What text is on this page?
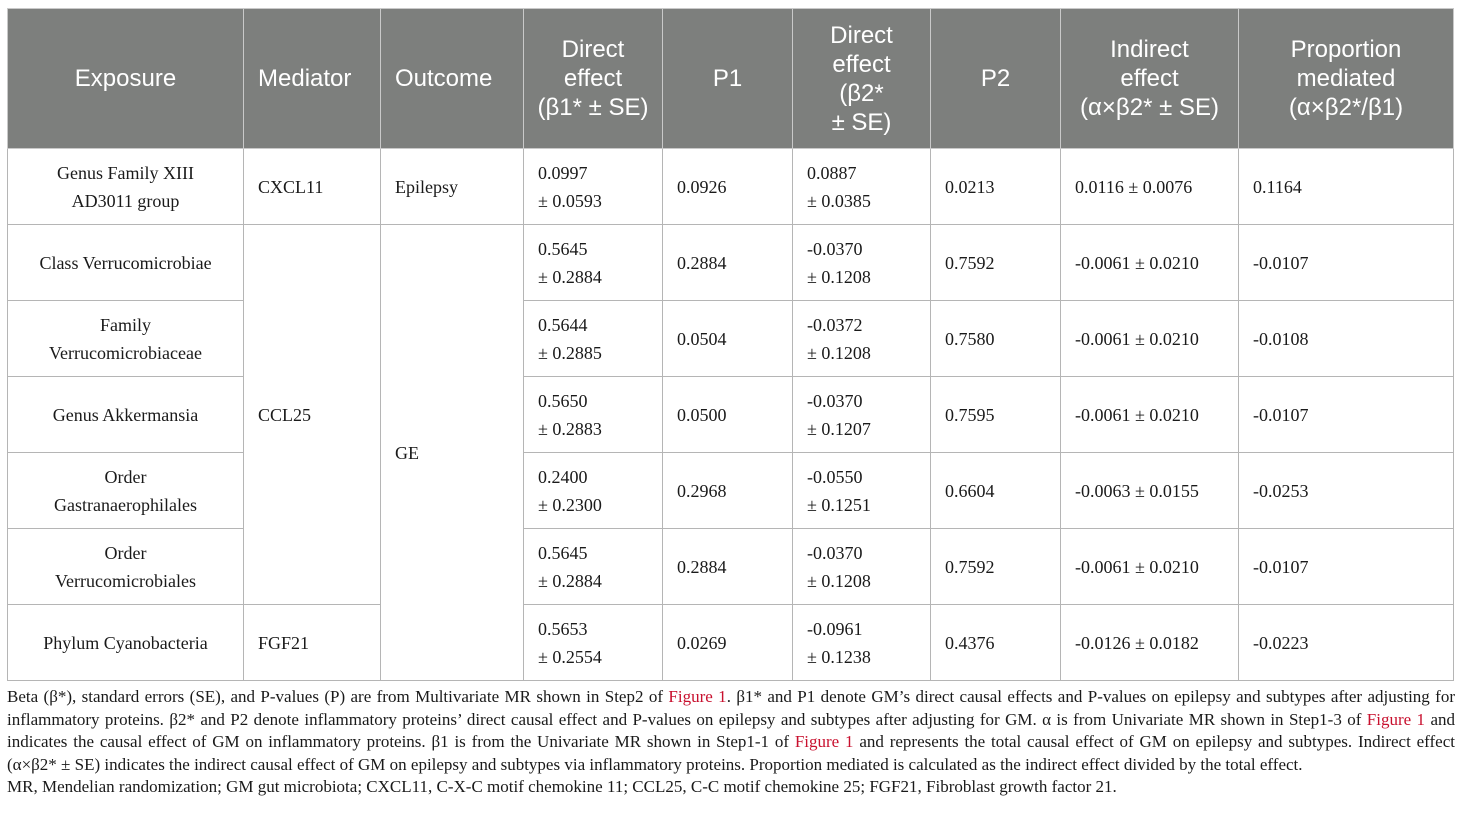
Exposure	Mediator	Outcome	Direct
effect
(β1* ± SE)	P1	Direct
effect
(β2*
± SE)	P2	Indirect
effect
(α×β2* ± SE)	Proportion
mediated
(α×β2*/β1)

Genus Family XIII
AD3011 group	CXCL11	Epilepsy	0.0997
± 0.0593	0.0926	0.0887
± 0.0385	0.0213	0.0116 ± 0.0076	0.1164

Class Verrucomicrobiae	CCL25	GE	0.5645
± 0.2884	0.2884	-0.0370
± 0.1208	0.7592	-0.0061 ± 0.0210	-0.0107

Family
Verrucomicrobiaceae			0.5644
± 0.2885	0.0504	-0.0372
± 0.1208	0.7580	-0.0061 ± 0.0210	-0.0108

Genus Akkermansia			0.5650
± 0.2883	0.0500	-0.0370
± 0.1207	0.7595	-0.0061 ± 0.0210	-0.0107

Order
Gastranaerophilales			0.2400
± 0.2300	0.2968	-0.0550
± 0.1251	0.6604	-0.0063 ± 0.0155	-0.0253

Order
Verrucomicrobiales			0.5645
± 0.2884	0.2884	-0.0370
± 0.1208	0.7592	-0.0061 ± 0.0210	-0.0107

Phylum Cyanobacteria	FGF21		0.5653
± 0.2554	0.0269	-0.0961
± 0.1238	0.4376	-0.0126 ± 0.0182	-0.0223

Beta (β*), standard errors (SE), and P-values (P) are from Multivariate MR shown in Step2 of Figure 1. β1* and P1 denote GM’s direct causal effects and P-values on epilepsy and subtypes after adjusting for inflammatory proteins. β2* and P2 denote inflammatory proteins’ direct causal effect and P-values on epilepsy and subtypes after adjusting for GM. α is from Univariate MR shown in Step1-3 of Figure 1 and indicates the causal effect of GM on inflammatory proteins. β1 is from the Univariate MR shown in Step1-1 of Figure 1 and represents the total causal effect of GM on epilepsy and subtypes. Indirect effect (α×β2* ± SE) indicates the indirect causal effect of GM on epilepsy and subtypes via inflammatory proteins. Proportion mediated is calculated as the indirect effect divided by the total effect.

MR, Mendelian randomization; GM gut microbiota; CXCL11, C-X-C motif chemokine 11; CCL25, C-C motif chemokine 25; FGF21, Fibroblast growth factor 21.
